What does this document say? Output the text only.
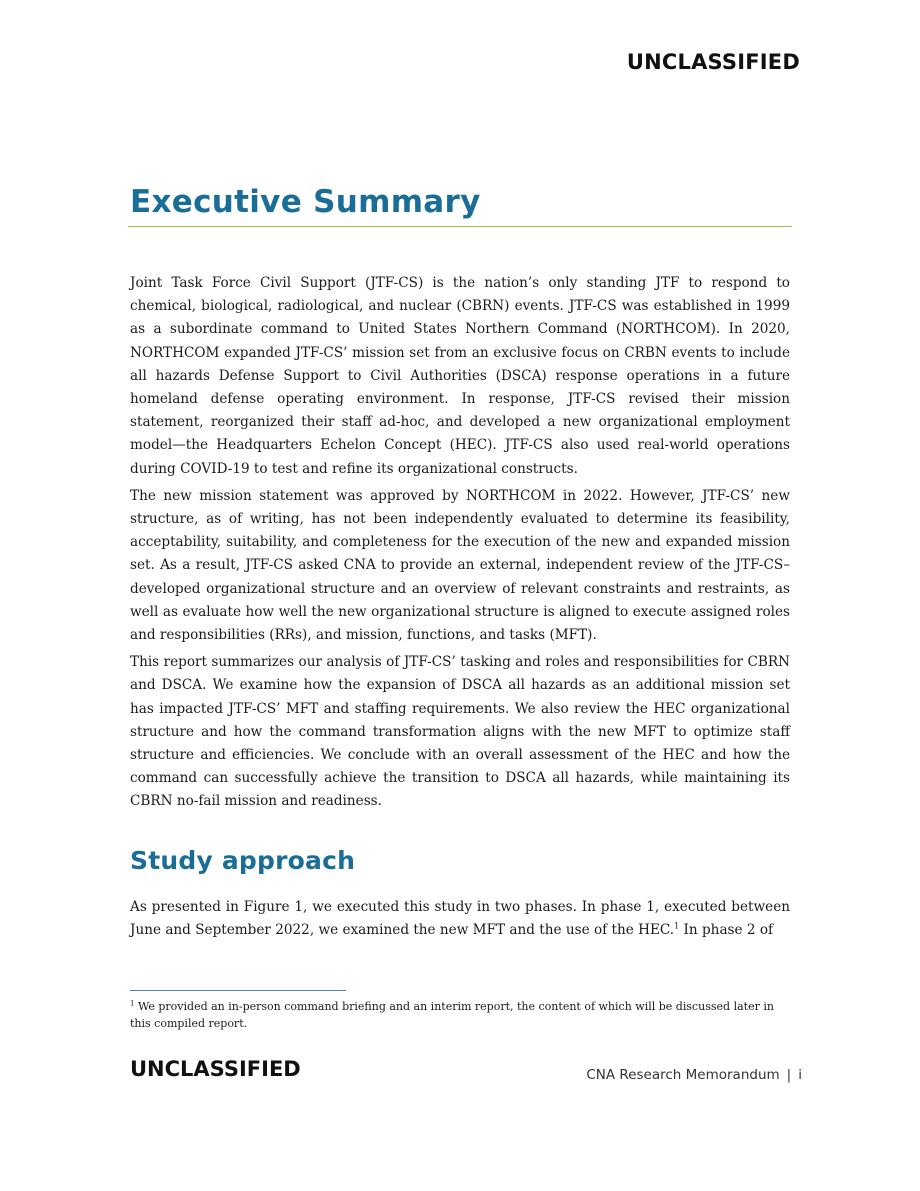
UNCLASSIFIED
Executive Summary

Joint Task Force Civil Support (JTF-CS) is the nation’s only standing JTF to respond to chemical, biological, radiological, and nuclear (CBRN) events. JTF-CS was established in 1999 as a subordinate command to United States Northern Command (NORTHCOM). In 2020, NORTHCOM expanded JTF-CS’ mission set from an exclusive focus on CRBN events to include all hazards Defense Support to Civil Authorities (DSCA) response operations in a future homeland defense operating environment. In response, JTF-CS revised their mission statement, reorganized their staff ad-hoc, and developed a new organizational employment model—the Headquarters Echelon Concept (HEC). JTF-CS also used real-world operations during COVID-19 to test and refine its organizational constructs.

The new mission statement was approved by NORTHCOM in 2022. However, JTF-CS’ new structure, as of writing, has not been independently evaluated to determine its feasibility, acceptability, suitability, and completeness for the execution of the new and expanded mission set. As a result, JTF-CS asked CNA to provide an external, independent review of the JTF-CS–developed organizational structure and an overview of relevant constraints and restraints, as well as evaluate how well the new organizational structure is aligned to execute assigned roles and responsibilities (RRs), and mission, functions, and tasks (MFT).

This report summarizes our analysis of JTF-CS’ tasking and roles and responsibilities for CBRN and DSCA. We examine how the expansion of DSCA all hazards as an additional mission set has impacted JTF-CS’ MFT and staffing requirements. We also review the HEC organizational structure and how the command transformation aligns with the new MFT to optimize staff structure and efficiencies. We conclude with an overall assessment of the HEC and how the command can successfully achieve the transition to DSCA all hazards, while maintaining its CBRN no-fail mission and readiness.

Study approach

As presented in Figure 1, we executed this study in two phases. In phase 1, executed between June and September 2022, we examined the new MFT and the use of the HEC.$^1$ In phase 2 of

$^1$ We provided an in-person command briefing and an interim report, the content of which will be discussed later in this compiled report.

UNCLASSIFIED	CNA Research Memorandum | i
